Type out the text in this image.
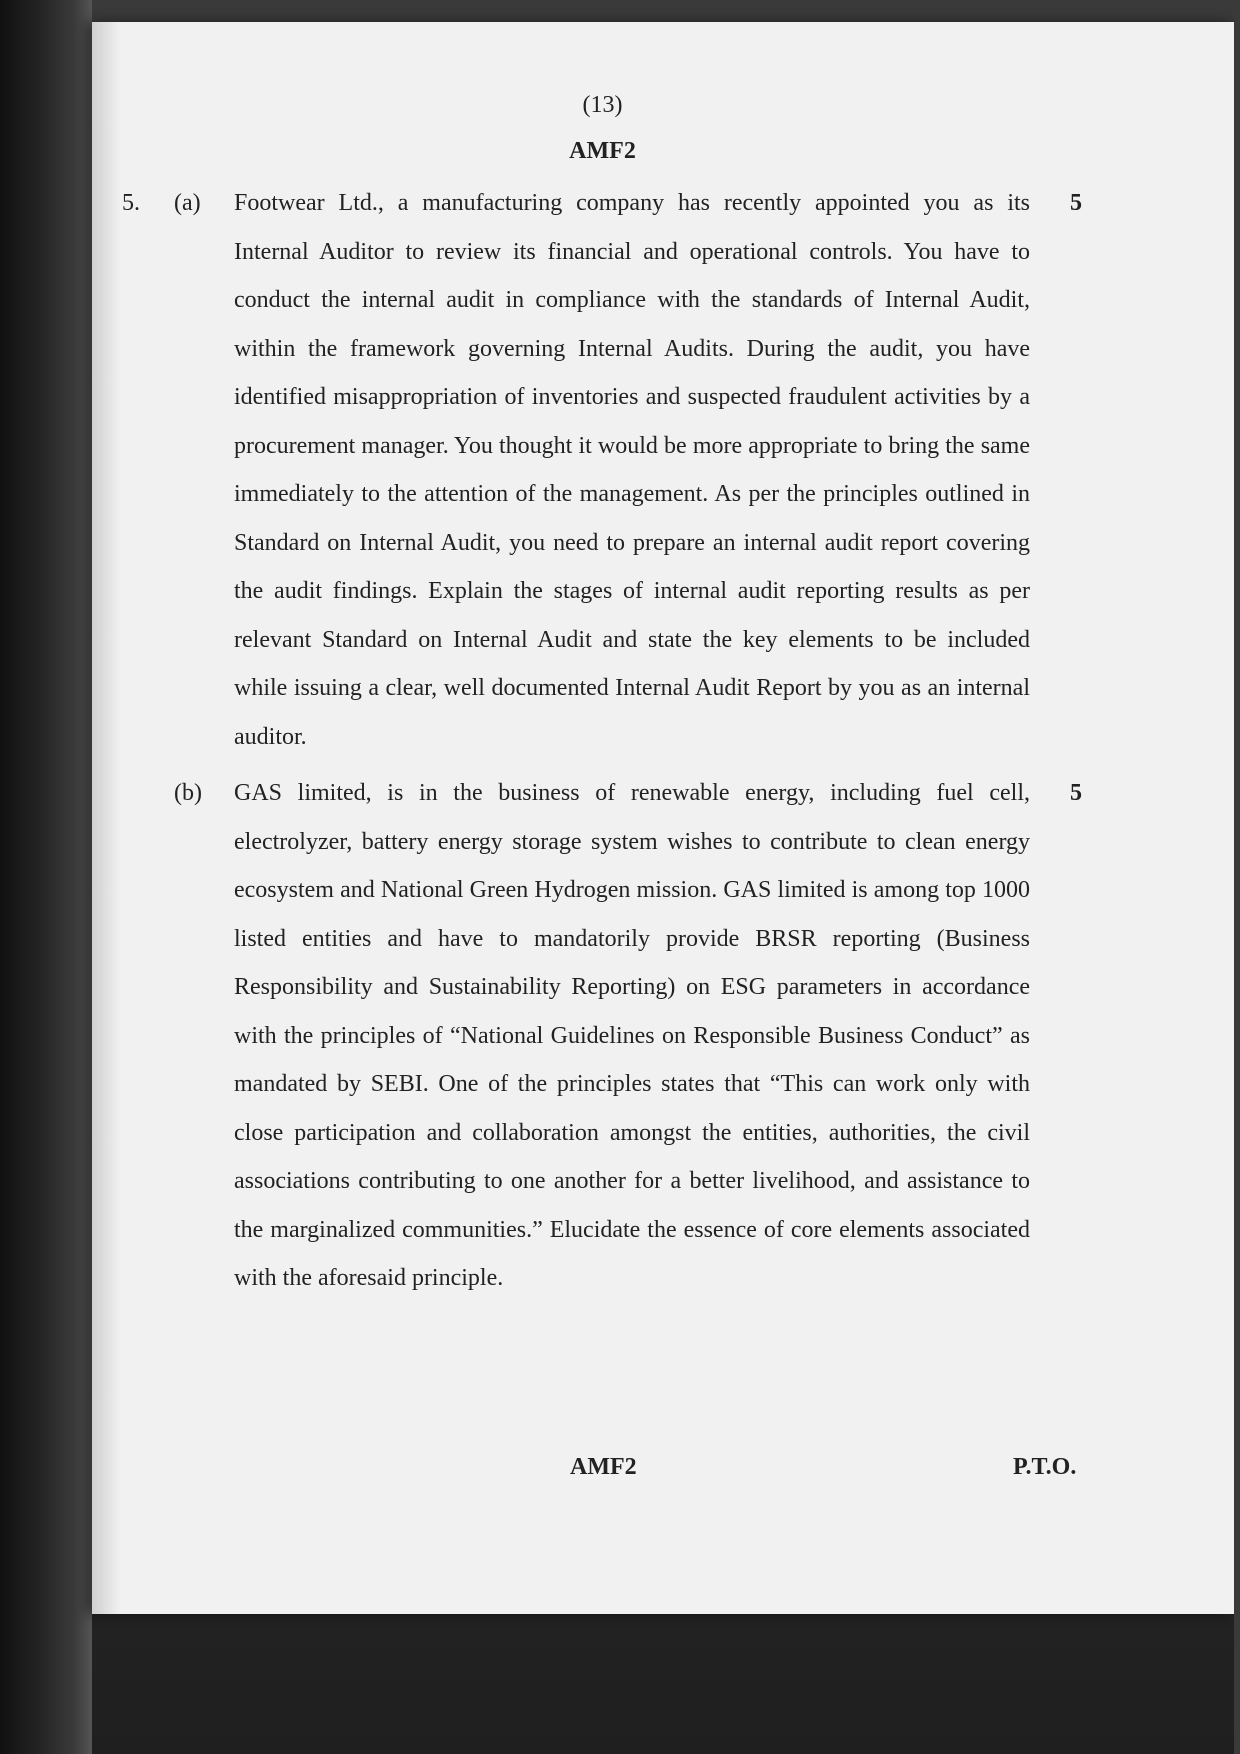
(13)
AMF2
5. (a) Footwear Ltd., a manufacturing company has recently appointed you as its Internal Auditor to review its financial and operational controls. You have to conduct the internal audit in compliance with the standards of Internal Audit, within the framework governing Internal Audits. During the audit, you have identified misappropriation of inventories and suspected fraudulent activities by a procurement manager. You thought it would be more appropriate to bring the same immediately to the attention of the management. As per the principles outlined in Standard on Internal Audit, you need to prepare an internal audit report covering the audit findings. Explain the stages of internal audit reporting results as per relevant Standard on Internal Audit and state the key elements to be included while issuing a clear, well documented Internal Audit Report by you as an internal auditor.
5
(b) GAS limited, is in the business of renewable energy, including fuel cell, electrolyzer, battery energy storage system wishes to contribute to clean energy ecosystem and National Green Hydrogen mission. GAS limited is among top 1000 listed entities and have to mandatorily provide BRSR reporting (Business Responsibility and Sustainability Reporting) on ESG parameters in accordance with the principles of “National Guidelines on Responsible Business Conduct” as mandated by SEBI. One of the principles states that “This can work only with close participation and collaboration amongst the entities, authorities, the civil associations contributing to one another for a better livelihood, and assistance to the marginalized communities.” Elucidate the essence of core elements associated with the aforesaid principle.
5
AMF2	P.T.O.
